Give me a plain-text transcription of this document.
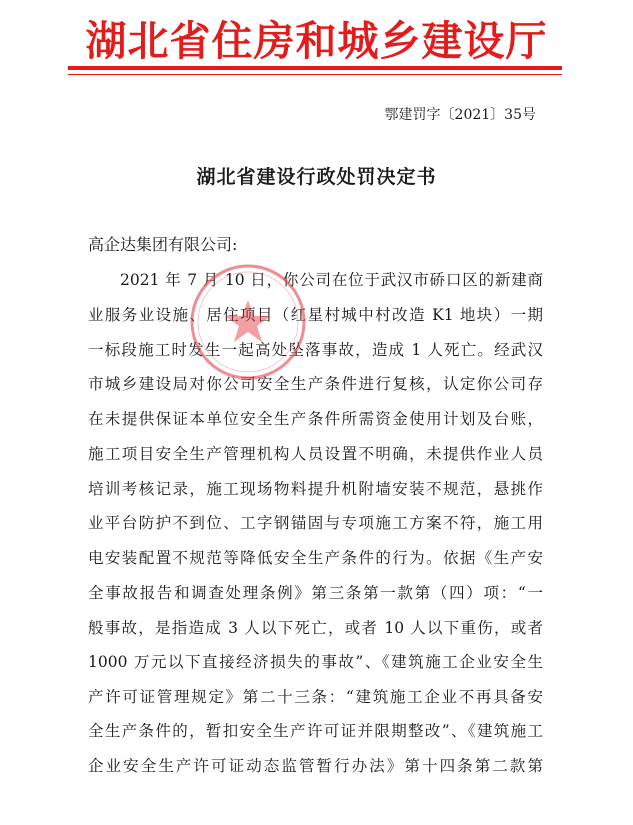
湖北省住房和城乡建设厅
鄂建罚字〔2021〕35号
湖北省建设行政处罚决定书
高企达集团有限公司:
2021 年 7 月 10 日，你公司在位于武汉市硚口区的新建商
业服务业设施、居住项目（红星村城中村改造 K1 地块）一期
一标段施工时发生一起高处坠落事故，造成 1 人死亡。经武汉
市城乡建设局对你公司安全生产条件进行复核，认定你公司存
在未提供保证本单位安全生产条件所需资金使用计划及台账，
施工项目安全生产管理机构人员设置不明确，未提供作业人员
培训考核记录，施工现场物料提升机附墙安装不规范，悬挑作
业平台防护不到位、工字钢锚固与专项施工方案不符，施工用
电安装配置不规范等降低安全生产条件的行为。依据《生产安
全事故报告和调查处理条例》第三条第一款第（四）项：“一
般事故，是指造成 3 人以下死亡，或者 10 人以下重伤，或者
1000 万元以下直接经济损失的事故”、《建筑施工企业安全生
产许可证管理规定》第二十三条：“建筑施工企业不再具备安
全生产条件的，暂扣安全生产许可证并限期整改”、《建筑施工
企业安全生产许可证动态监管暂行办法》第十四条第二款第
